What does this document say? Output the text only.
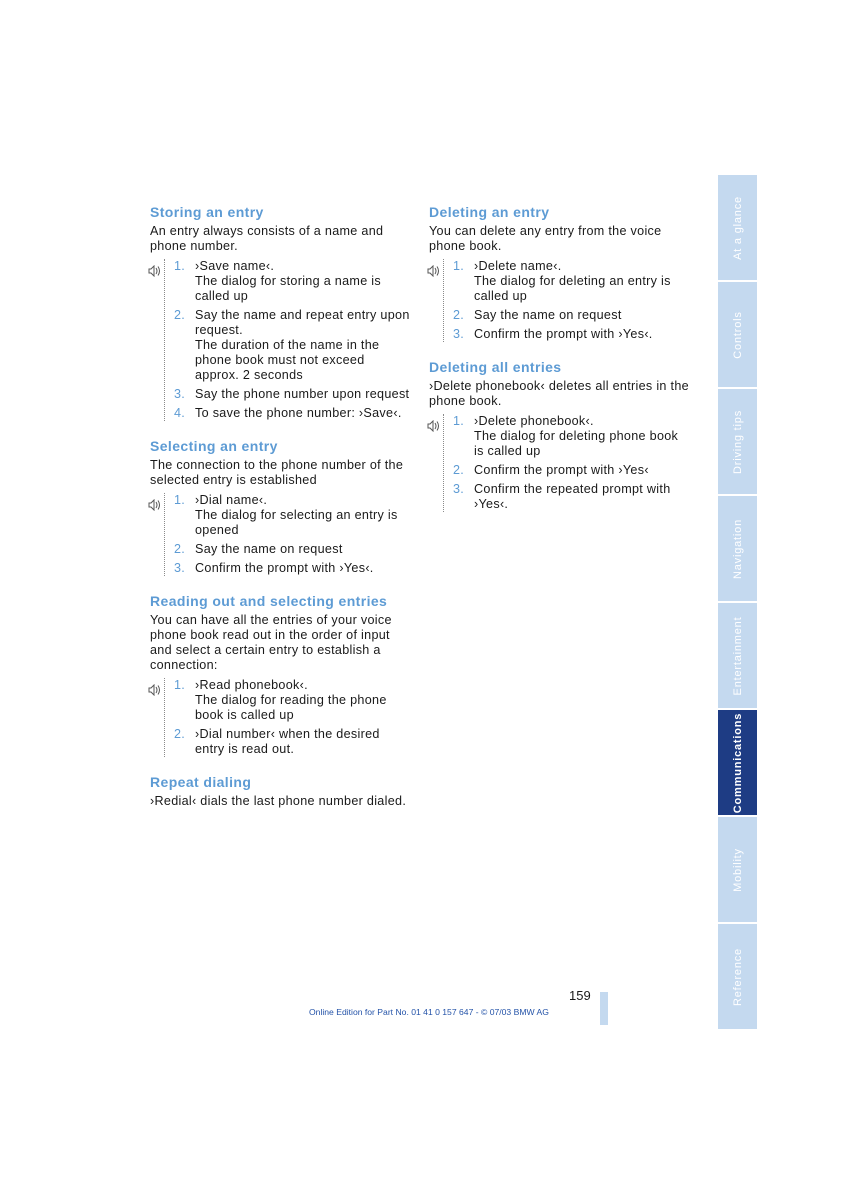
Storing an entry
An entry always consists of a name and phone number.
1. ›Save name‹.
The dialog for storing a name is called up
2. Say the name and repeat entry upon request.
The duration of the name in the phone book must not exceed approx. 2 seconds
3. Say the phone number upon request
4. To save the phone number: ›Save‹.
Selecting an entry
The connection to the phone number of the selected entry is established
1. ›Dial name‹.
The dialog for selecting an entry is opened
2. Say the name on request
3. Confirm the prompt with ›Yes‹.
Reading out and selecting entries
You can have all the entries of your voice phone book read out in the order of input and select a certain entry to establish a connection:
1. ›Read phonebook‹.
The dialog for reading the phone book is called up
2. ›Dial number‹ when the desired entry is read out.
Repeat dialing
›Redial‹ dials the last phone number dialed.
Deleting an entry
You can delete any entry from the voice phone book.
1. ›Delete name‹.
The dialog for deleting an entry is called up
2. Say the name on request
3. Confirm the prompt with ›Yes‹.
Deleting all entries
›Delete phonebook‹ deletes all entries in the phone book.
1. ›Delete phonebook‹.
The dialog for deleting phone book is called up
2. Confirm the prompt with ›Yes‹
3. Confirm the repeated prompt with ›Yes‹.
At a glance
Controls
Driving tips
Navigation
Entertainment
Communications
Mobility
Reference
159
Online Edition for Part No. 01 41 0 157 647 - © 07/03 BMW AG
